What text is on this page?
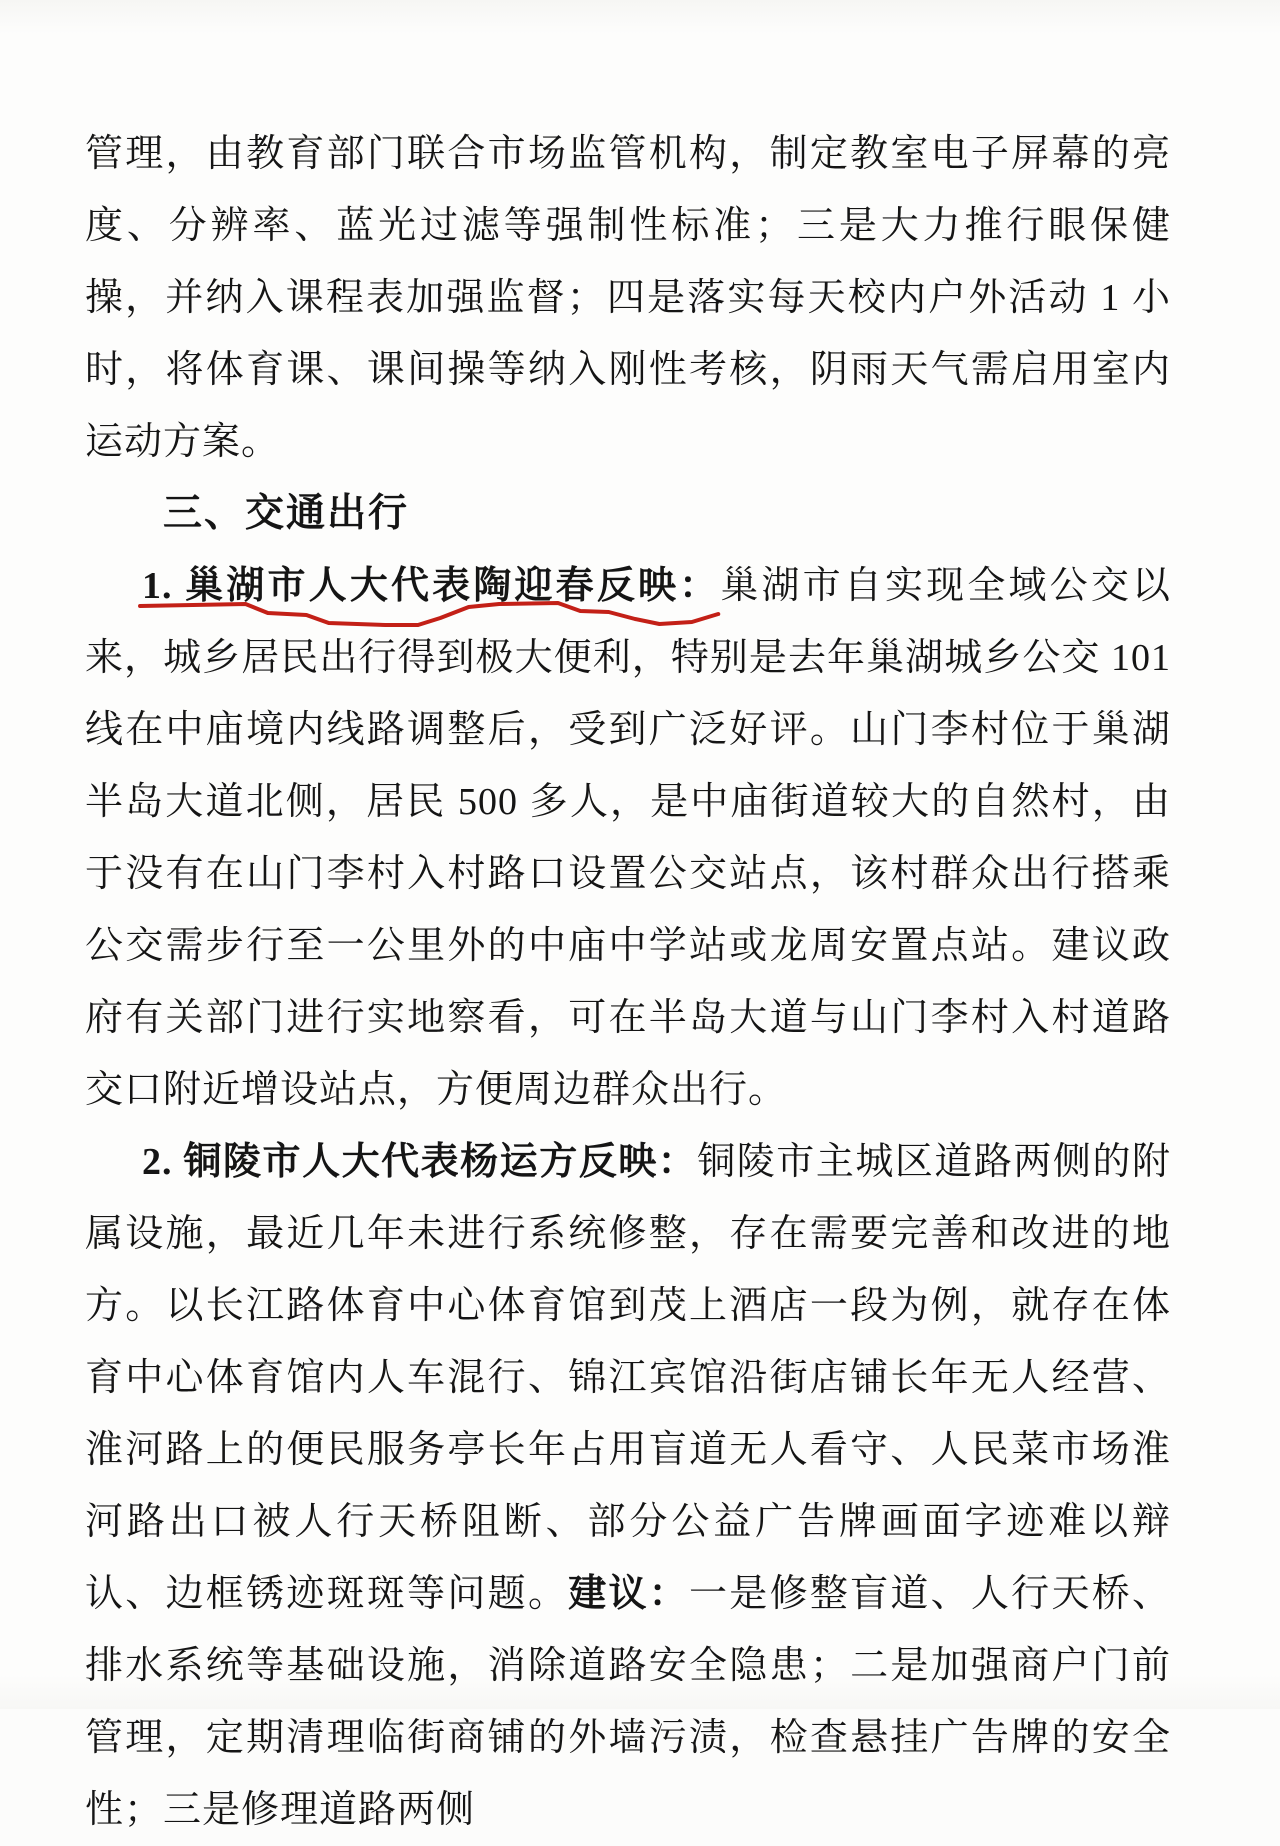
管理，由教育部门联合市场监管机构，制定教室电子屏幕的亮度、分辨率、蓝光过滤等强制性标准；三是大力推行眼保健操，并纳入课程表加强监督；四是落实每天校内户外活动 1 小时，将体育课、课间操等纳入刚性考核，阴雨天气需启用室内运动方案。

三、交通出行

1. 巢湖市人大代表陶迎春反映：
巢湖市自实现全域公交以来，城乡居民出行得到极大便利，特别是去年巢湖城乡公交 101 线在中庙境内线路调整后，受到广泛好评。山门李村位于巢湖半岛大道北侧，居民 500 多人，是中庙街道较大的自然村，由于没有在山门李村入村路口设置公交站点，该村群众出行搭乘公交需步行至一公里外的中庙中学站或龙周安置点站。建议政府有关部门进行实地察看，可在半岛大道与山门李村入村道路交口附近增设站点，方便周边群众出行。

2. 铜陵市人大代表杨运方反映：铜陵市主城区道路两侧的附属设施，最近几年未进行系统修整，存在需要完善和改进的地方。以长江路体育中心体育馆到茂上酒店一段为例，就存在体育中心体育馆内人车混行、锦江宾馆沿街店铺长年无人经营、淮河路上的便民服务亭长年占用盲道无人看守、人民菜市场淮河路出口被人行天桥阻断、部分公益广告牌画面字迹难以辩认、边框锈迹斑斑等问题。建议：一是修整盲道、人行天桥、排水系统等基础设施，消除道路安全隐患；二是加强商户门前管理，定期清理临街商铺的外墙污渍，检查悬挂广告牌的安全性；三是修理道路两侧
